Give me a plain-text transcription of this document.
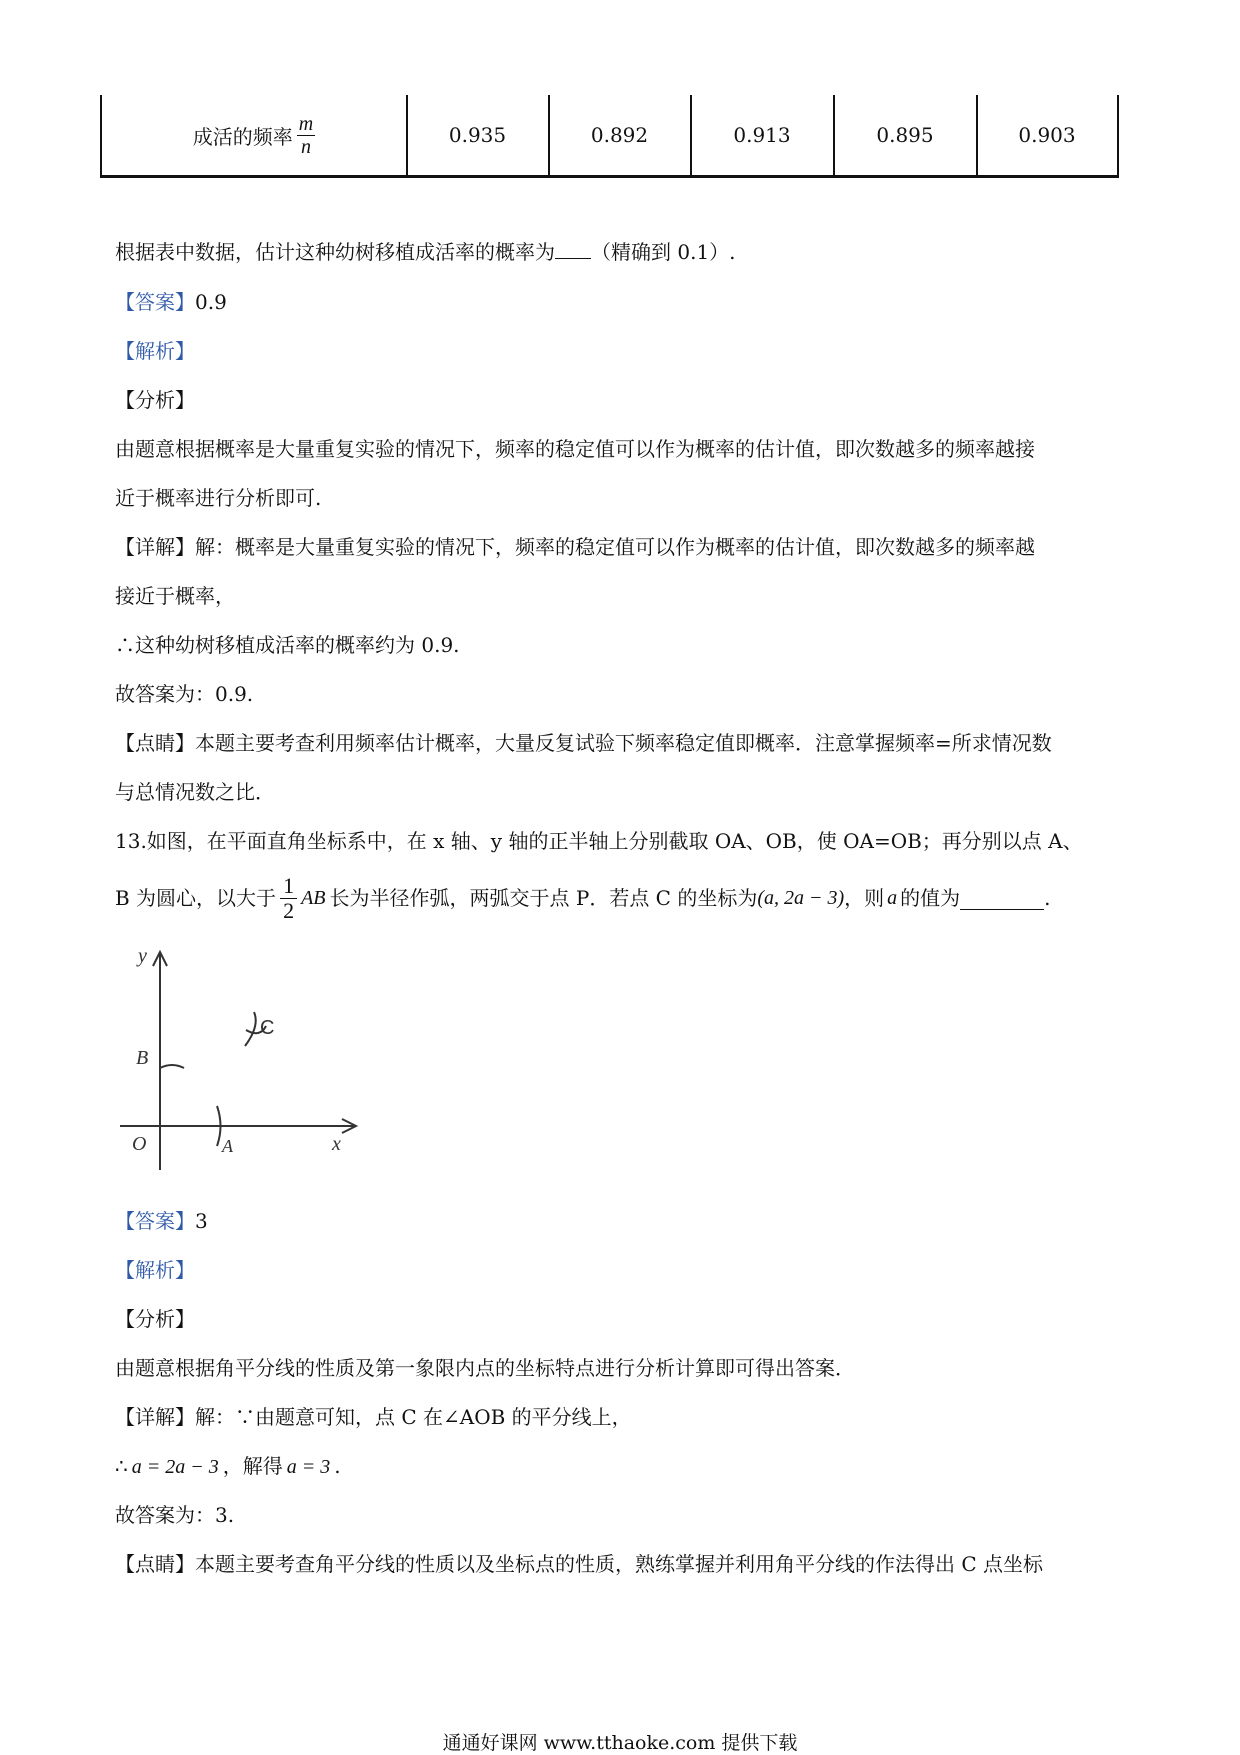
成活的频率 $\frac{m}{n}$	0.935	0.892	0.913	0.895	0.903
根据表中数据，估计这种幼树移植成活率的概率为 （精确到 0.1）.
【答案】0.9
【解析】
【分析】
由题意根据概率是大量重复实验的情况下，频率的稳定值可以作为概率的估计值，即次数越多的频率越接
近于概率进行分析即可.
【详解】解：概率是大量重复实验的情况下，频率的稳定值可以作为概率的估计值，即次数越多的频率越
接近于概率，
∴这种幼树移植成活率的概率约为 0.9.
故答案为：0.9.
【点睛】本题主要考查利用频率估计概率，大量反复试验下频率稳定值即概率．注意掌握频率=所求情况数
与总情况数之比．
13.如图，在平面直角坐标系中，在 x 轴、y 轴的正半轴上分别截取 OA、OB，使 OA=OB；再分别以点 A、
B 为圆心，以大于 $\frac{1}{2}$ AB 长为半径作弧，两弧交于点 P．若点 C 的坐标为 (a, 2a − 3) ，则 a 的值为	.
y
x
O	A
B
C
【答案】3
【解析】
【分析】
由题意根据角平分线的性质及第一象限内点的坐标特点进行分析计算即可得出答案．
【详解】解：∵由题意可知，点 C 在∠AOB 的平分线上，
∴ a = 2a − 3 ，解得 a = 3 .
故答案为：3.
【点睛】本题主要考查角平分线的性质以及坐标点的性质，熟练掌握并利用角平分线的作法得出 C 点坐标
通通好课网 www.tthaoke.com 提供下载
